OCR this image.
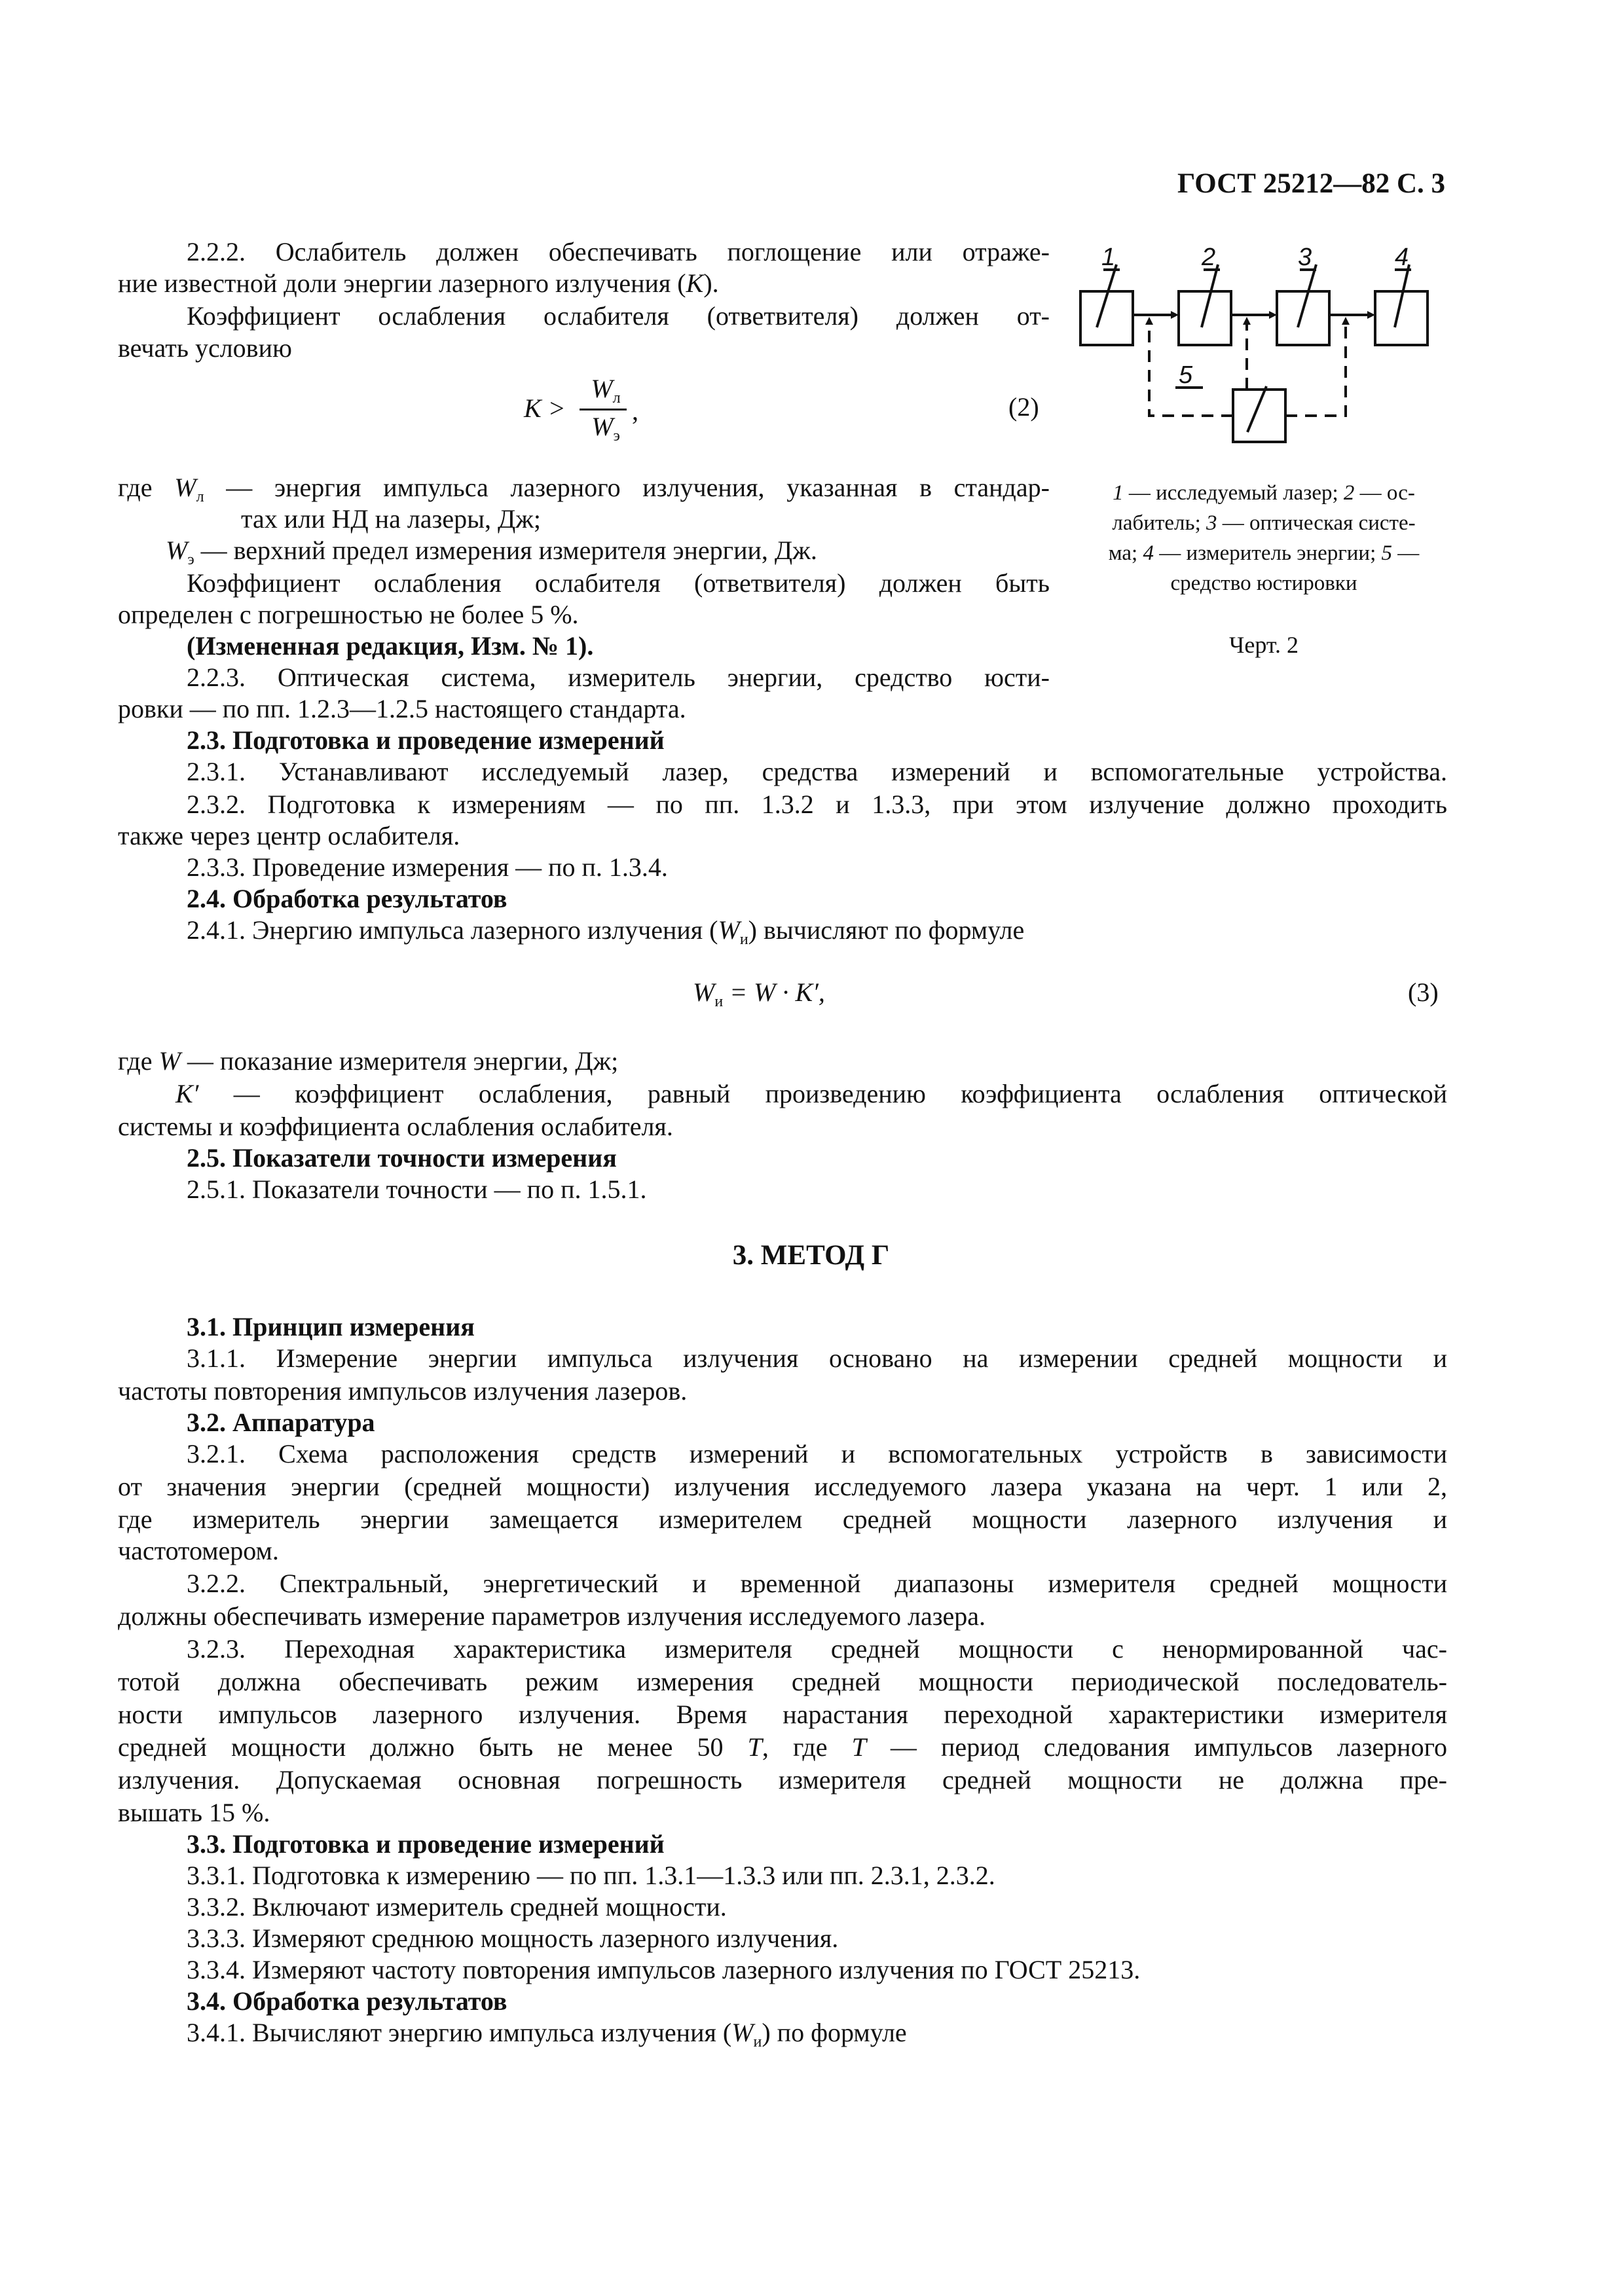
ГОСТ 25212—82 С. 3
2.2.2. Ослабитель должен обеспечивать поглощение или отраже-
ние известной доли энергии лазерного излучения (K).
Коэффициент ослабления ослабителя (ответвителя) должен от-
вечать условию
K >
$W_л$
$W_э$
,	(2)
где $W_л$ — энергия импульса лазерного излучения, указанная в стандар-
тах или НД на лазеры, Дж;
$W_э$ — верхний предел измерения измерителя энергии, Дж.
Коэффициент ослабления ослабителя (ответвителя) должен быть
определен с погрешностью не более 5 %.
(Измененная редакция, Изм. № 1).
2.2.3. Оптическая система, измеритель энергии, средство юсти-
ровки — по пп. 1.2.3—1.2.5 настоящего стандарта.
2.3. Подготовка и проведение измерений
2.3.1. Устанавливают исследуемый лазер, средства измерений и вспомогательные устройства.
2.3.2. Подготовка к измерениям — по пп. 1.3.2 и 1.3.3, при этом излучение должно проходить
также через центр ослабителя.
2.3.3. Проведение измерения — по п. 1.3.4.
2.4. Обработка результатов
2.4.1. Энергию импульса лазерного излучения $(W_и)$ вычисляют по формуле
$W_и = W \cdot K'$,	(3)
где W — показание измерителя энергии, Дж;
K′ — коэффициент ослабления, равный произведению коэффициента ослабления оптической
системы и коэффициента ослабления ослабителя.
2.5. Показатели точности измерения
2.5.1. Показатели точности — по п. 1.5.1.
3. МЕТОД Г
3.1. Принцип измерения
3.1.1. Измерение энергии импульса излучения основано на измерении средней мощности и
частоты повторения импульсов излучения лазеров.
3.2. Аппаратура
3.2.1. Схема расположения средств измерений и вспомогательных устройств в зависимости
от значения энергии (средней мощности) излучения исследуемого лазера указана на черт. 1 или 2,
где измеритель энергии замещается измерителем средней мощности лазерного излучения и
частотомером.
3.2.2. Спектральный, энергетический и временной диапазоны измерителя средней мощности
должны обеспечивать измерение параметров излучения исследуемого лазера.
3.2.3. Переходная характеристика измерителя средней мощности с ненормированной час-
тотой должна обеспечивать режим измерения средней мощности периодической последователь-
ности импульсов лазерного излучения. Время нарастания переходной характеристики измерителя
средней мощности должно быть не менее 50 T, где T — период следования импульсов лазерного
излучения. Допускаемая основная погрешность измерителя средней мощности не должна пре-
вышать 15 %.
3.3. Подготовка и проведение измерений
3.3.1. Подготовка к измерению — по пп. 1.3.1—1.3.3 или пп. 2.3.1, 2.3.2.
3.3.2. Включают измеритель средней мощности.
3.3.3. Измеряют среднюю мощность лазерного излучения.
3.3.4. Измеряют частоту повторения импульсов лазерного излучения по ГОСТ 25213.
3.4. Обработка результатов
3.4.1. Вычисляют энергию импульса излучения $(W_и)$ по формуле
1	2	3	4
5
1 — исследуемый лазер; 2 — ос-
лабитель; 3 — оптическая систе-
ма; 4 — измеритель энергии; 5 —
средство юстировки
Черт. 2
